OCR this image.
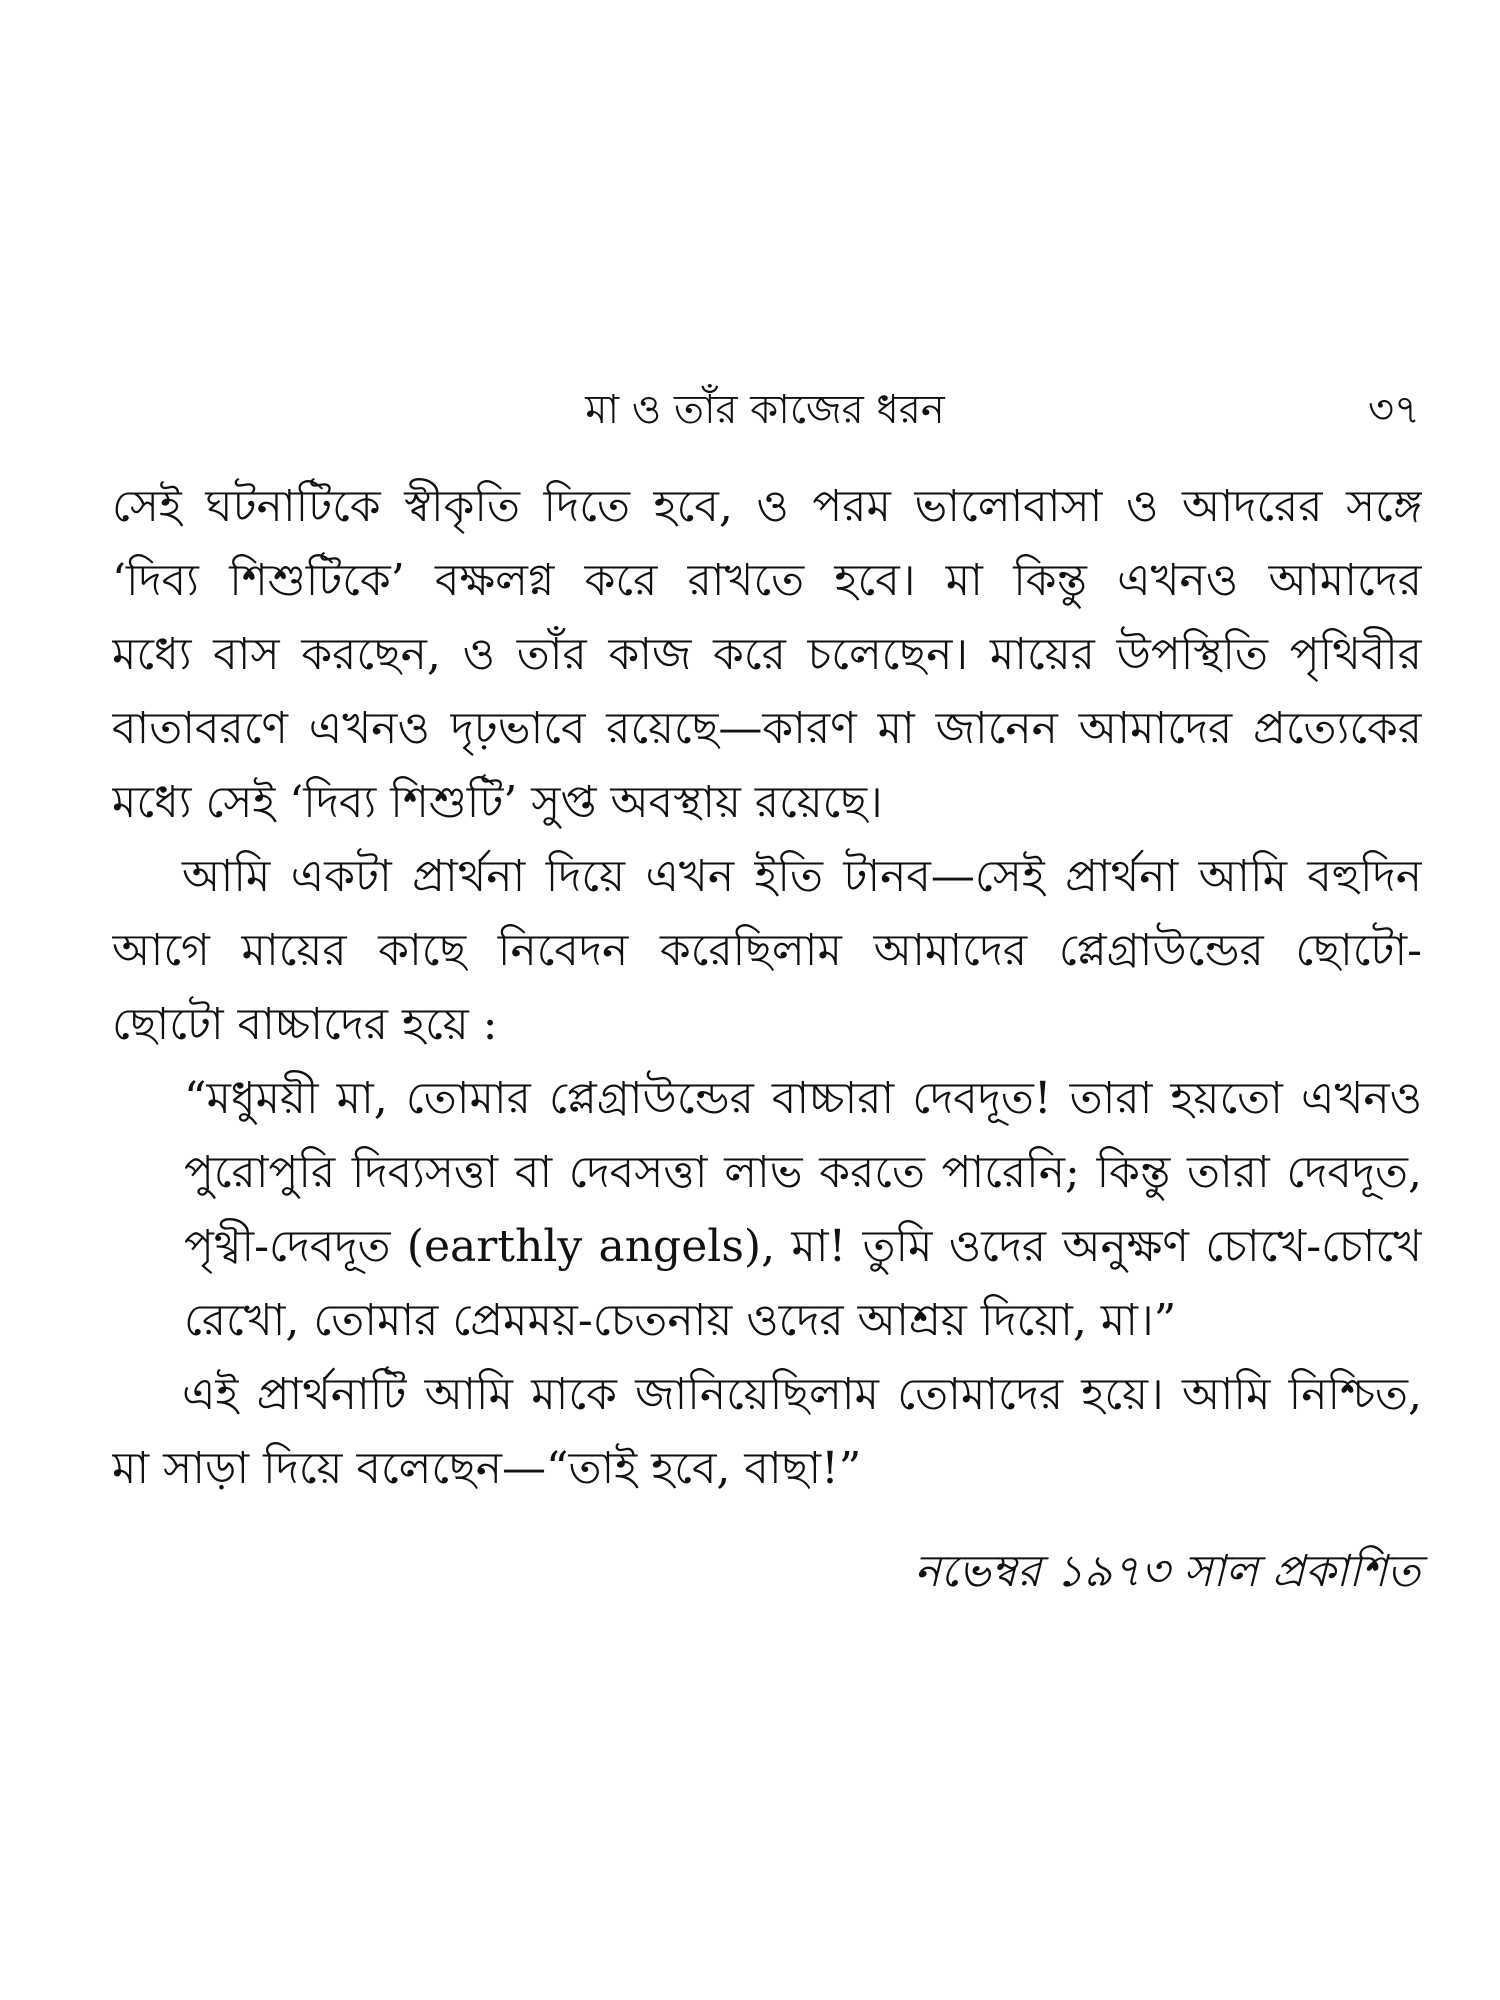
মা ও তাঁর কাজের ধরন	৩৭
সেই ঘটনাটিকে স্বীকৃতি দিতে হবে, ও পরম ভালোবাসা ও আদরের সঙ্গে
‘দিব্য শিশুটিকে’ বক্ষলগ্ন করে রাখতে হবে। মা কিন্তু এখনও আমাদের
মধ্যে বাস করছেন, ও তাঁর কাজ করে চলেছেন। মায়ের উপস্থিতি পৃথিবীর
বাতাবরণে এখনও দৃঢ়ভাবে রয়েছে—কারণ মা জানেন আমাদের প্রত্যেকের
মধ্যে সেই ‘দিব্য শিশুটি’ সুপ্ত অবস্থায় রয়েছে।
আমি একটা প্রার্থনা দিয়ে এখন ইতি টানব—সেই প্রার্থনা আমি বহুদিন
আগে মায়ের কাছে নিবেদন করেছিলাম আমাদের প্লেগ্রাউন্ডের ছোটো-
ছোটো বাচ্চাদের হয়ে :
“মধুময়ী মা, তোমার প্লেগ্রাউন্ডের বাচ্চারা দেবদূত! তারা হয়তো এখনও
পুরোপুরি দিব্যসত্তা বা দেবসত্তা লাভ করতে পারেনি; কিন্তু তারা দেবদূত,
পৃথ্বী-দেবদূত (earthly angels), মা! তুমি ওদের অনুক্ষণ চোখে-চোখে
রেখো, তোমার প্রেমময়-চেতনায় ওদের আশ্রয় দিয়ো, মা।”
এই প্রার্থনাটি আমি মাকে জানিয়েছিলাম তোমাদের হয়ে। আমি নিশ্চিত,
মা সাড়া দিয়ে বলেছেন—“তাই হবে, বাছা!”
নভেম্বর ১৯৭৩ সাল প্রকাশিত
